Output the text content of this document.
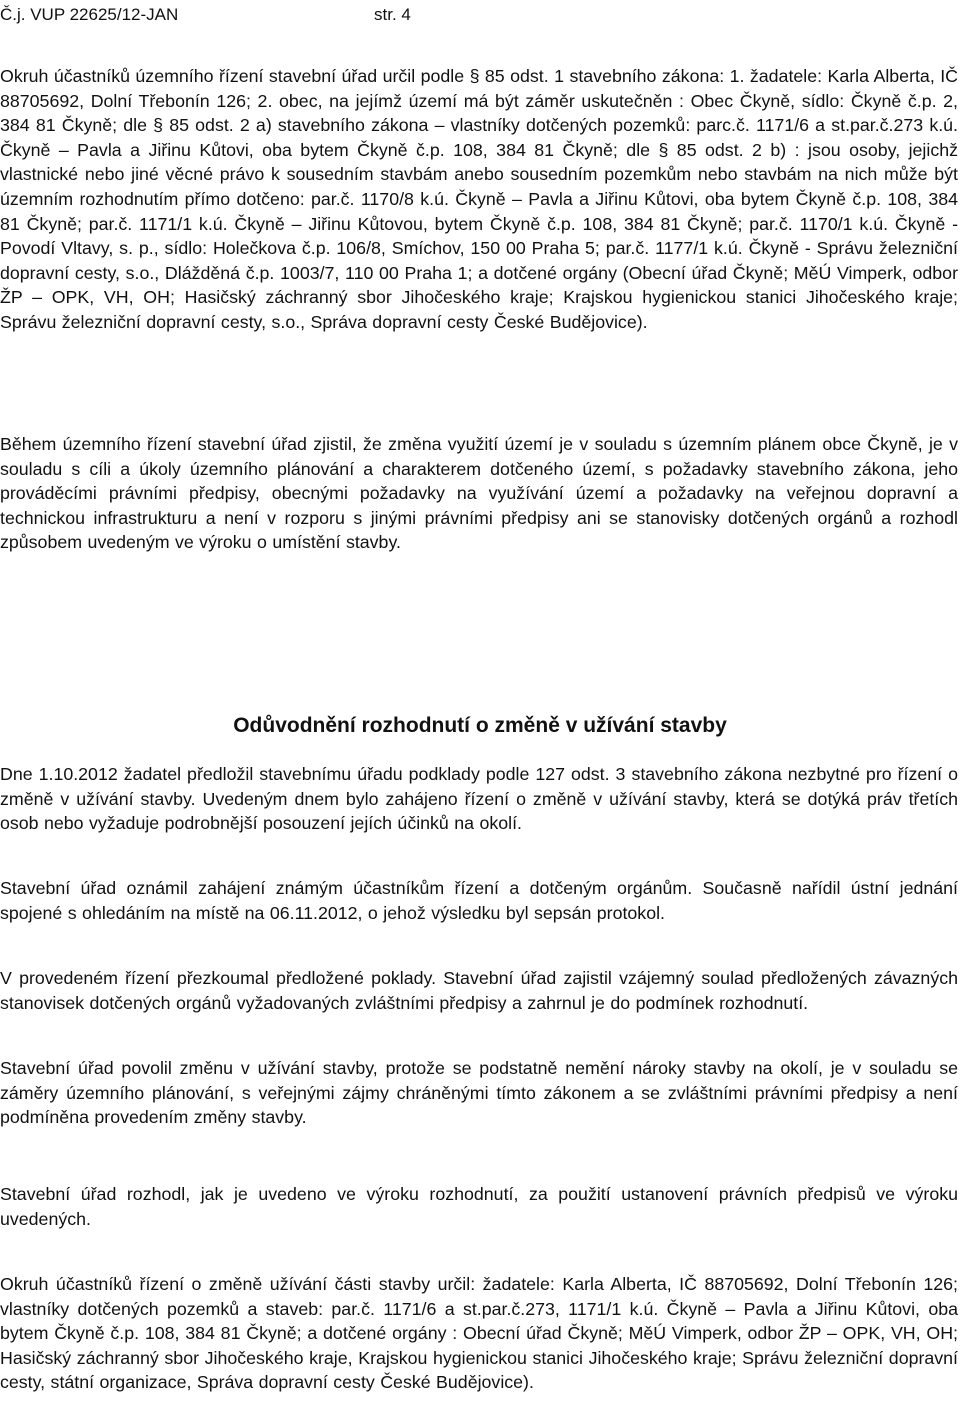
Č.j. VUP 22625/12-JAN	str. 4

Okruh účastníků územního řízení stavební úřad určil podle § 85 odst. 1 stavebního zákona: 1. žadatele: Karla Alberta, IČ 88705692, Dolní Třebonín 126; 2. obec, na jejímž území má být záměr uskutečněn : Obec Čkyně, sídlo: Čkyně č.p. 2, 384 81 Čkyně; dle § 85 odst. 2 a) stavebního zákona – vlastníky dotčených pozemků: parc.č. 1171/6 a st.par.č.273 k.ú. Čkyně – Pavla a Jiřinu Kůtovi, oba bytem Čkyně č.p. 108, 384 81 Čkyně; dle § 85 odst. 2 b) : jsou osoby, jejichž vlastnické nebo jiné věcné právo k sousedním stavbám anebo sousedním pozemkům nebo stavbám na nich může být územním rozhodnutím přímo dotčeno: par.č. 1170/8 k.ú. Čkyně – Pavla a Jiřinu Kůtovi, oba bytem Čkyně č.p. 108, 384 81 Čkyně; par.č. 1171/1 k.ú. Čkyně – Jiřinu Kůtovou, bytem Čkyně č.p. 108, 384 81 Čkyně; par.č. 1170/1 k.ú. Čkyně - Povodí Vltavy, s. p., sídlo: Holečkova č.p. 106/8, Smíchov, 150 00 Praha 5; par.č. 1177/1 k.ú. Čkyně - Správu železniční dopravní cesty, s.o., Dlážděná č.p. 1003/7, 110 00 Praha 1; a dotčené orgány (Obecní úřad Čkyně; MěÚ Vimperk, odbor ŽP – OPK, VH, OH; Hasičský záchranný sbor Jihočeského kraje; Krajskou hygienickou stanici Jihočeského kraje; Správu železniční dopravní cesty, s.o., Správa dopravní cesty České Budějovice).

Během územního řízení stavební úřad zjistil, že změna využití území je v souladu s územním plánem obce Čkyně, je v souladu s cíli a úkoly územního plánování a charakterem dotčeného území, s požadavky stavebního zákona, jeho prováděcími právními předpisy, obecnými požadavky na využívání území a požadavky na veřejnou dopravní a technickou infrastrukturu a není v rozporu s jinými právními předpisy ani se stanovisky dotčených orgánů a rozhodl způsobem uvedeným ve výroku o umístění stavby.

Odůvodnění rozhodnutí o změně v užívání stavby

Dne 1.10.2012 žadatel předložil stavebnímu úřadu podklady podle 127 odst. 3 stavebního zákona nezbytné pro řízení o změně v užívání stavby. Uvedeným dnem bylo zahájeno řízení o změně v užívání stavby, která se dotýká práv třetích osob nebo vyžaduje podrobnější posouzení jejích účinků na okolí.

Stavební úřad oznámil zahájení známým účastníkům řízení a dotčeným orgánům. Současně nařídil ústní jednání spojené s ohledáním na místě na 06.11.2012, o jehož výsledku byl sepsán protokol.

V provedeném řízení přezkoumal předložené poklady. Stavební úřad zajistil vzájemný soulad předložených závazných stanovisek dotčených orgánů vyžadovaných zvláštními předpisy a zahrnul je do podmínek rozhodnutí.

Stavební úřad povolil změnu v užívání stavby, protože se podstatně nemění nároky stavby na okolí, je v souladu se záměry územního plánování, s veřejnými zájmy chráněnými tímto zákonem a se zvláštními právními předpisy a není podmíněna provedením změny stavby.

Stavební úřad rozhodl, jak je uvedeno ve výroku rozhodnutí, za použití ustanovení právních předpisů ve výroku uvedených.

Okruh účastníků řízení o změně užívání části stavby určil: žadatele: Karla Alberta, IČ 88705692, Dolní Třebonín 126; vlastníky dotčených pozemků a staveb: par.č. 1171/6 a st.par.č.273, 1171/1 k.ú. Čkyně – Pavla a Jiřinu Kůtovi, oba bytem Čkyně č.p. 108, 384 81 Čkyně; a dotčené orgány : Obecní úřad Čkyně; MěÚ Vimperk, odbor ŽP – OPK, VH, OH; Hasičský záchranný sbor Jihočeského kraje, Krajskou hygienickou stanici Jihočeského kraje; Správu železniční dopravní cesty, státní organizace, Správa dopravní cesty České Budějovice).
